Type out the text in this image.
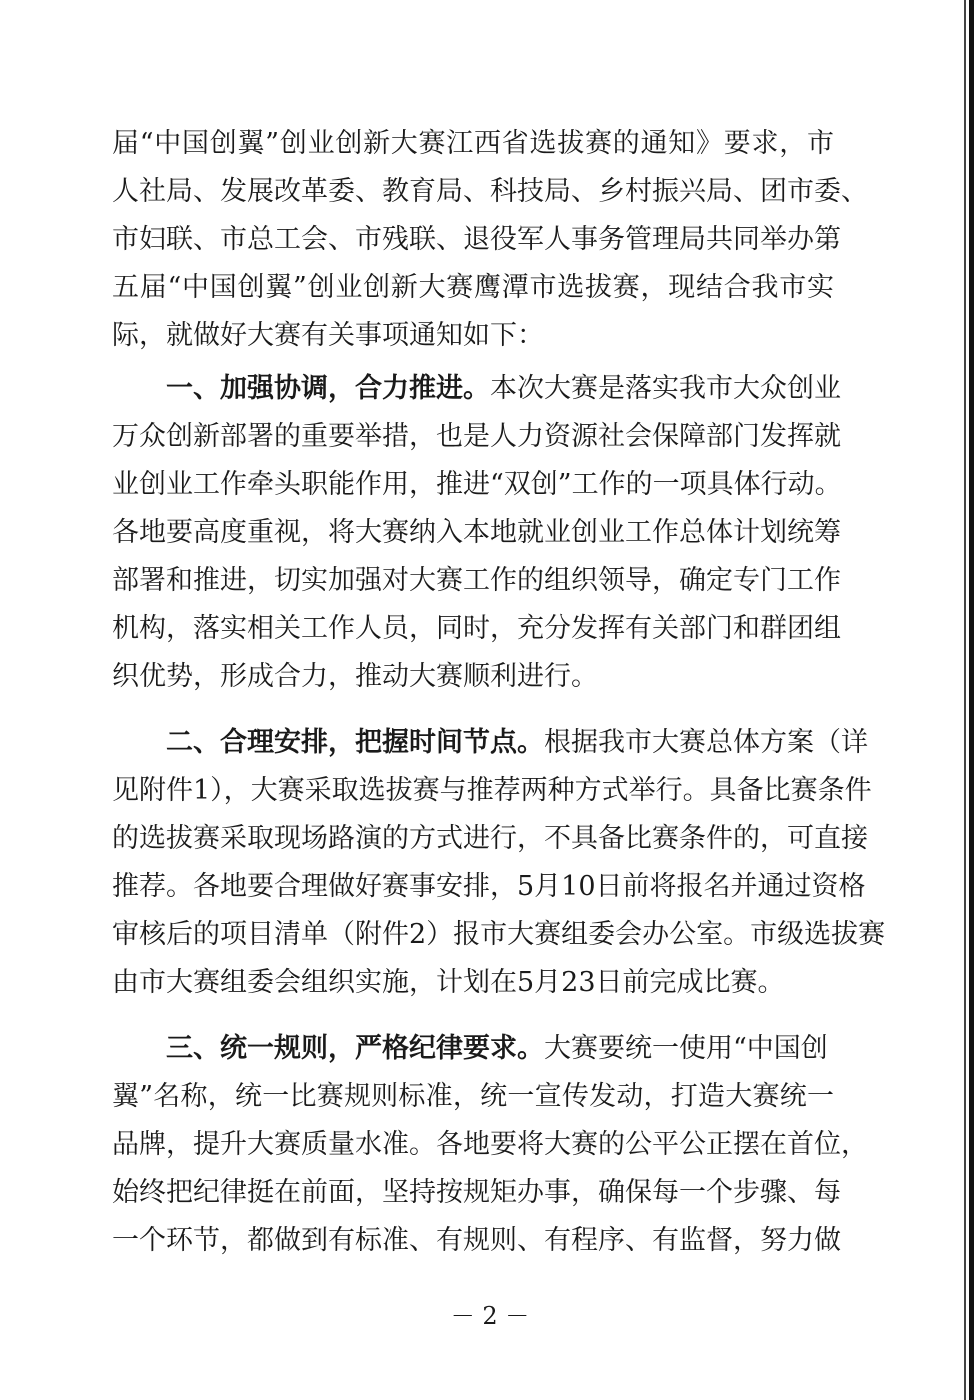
届“中国创翼”创业创新大赛江西省选拔赛的通知》要求，市
人社局、发展改革委、教育局、科技局、乡村振兴局、团市委、
市妇联、市总工会、市残联、退役军人事务管理局共同举办第
五届“中国创翼”创业创新大赛鹰潭市选拔赛，现结合我市实
际，就做好大赛有关事项通知如下：
一、加强协调，合力推进。本次大赛是落实我市大众创业
万众创新部署的重要举措，也是人力资源社会保障部门发挥就
业创业工作牵头职能作用，推进“双创”工作的一项具体行动。
各地要高度重视，将大赛纳入本地就业创业工作总体计划统筹
部署和推进，切实加强对大赛工作的组织领导，确定专门工作
机构，落实相关工作人员，同时，充分发挥有关部门和群团组
织优势，形成合力，推动大赛顺利进行。
二、合理安排，把握时间节点。根据我市大赛总体方案（详
见附件1），大赛采取选拔赛与推荐两种方式举行。具备比赛条件
的选拔赛采取现场路演的方式进行，不具备比赛条件的，可直接
推荐。各地要合理做好赛事安排，5月10日前将报名并通过资格
审核后的项目清单（附件2）报市大赛组委会办公室。市级选拔赛
由市大赛组委会组织实施，计划在5月23日前完成比赛。
三、统一规则，严格纪律要求。大赛要统一使用“中国创
翼”名称，统一比赛规则标准，统一宣传发动，打造大赛统一
品牌，提升大赛质量水准。各地要将大赛的公平公正摆在首位，
始终把纪律挺在前面，坚持按规矩办事，确保每一个步骤、每
一个环节，都做到有标准、有规则、有程序、有监督，努力做
－ 2 －
